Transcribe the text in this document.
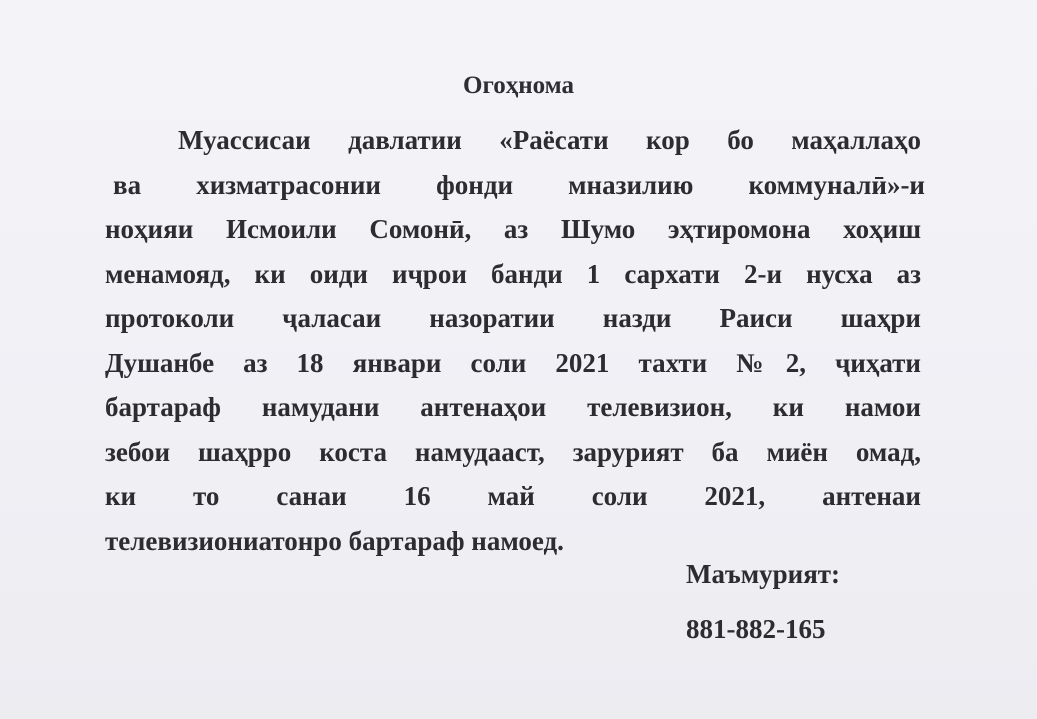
Огоҳнома
Муассисаи давлатии «Раёсати кор бо маҳаллаҳо
ва хизматрасонии фонди мназилию коммуналӣ»-и
ноҳияи Исмоили Сомонӣ, аз Шумо эҳтиромона хоҳиш
менамояд, ки оиди иҷрои банди 1 сархати 2-и нусха аз
протоколи ҷаласаи назоратии назди Раиси шаҳри
Душанбе аз 18 январи соли 2021 тахти №2, ҷиҳати
бартараф намудани антенаҳои телевизион, ки намои
зебои шаҳрро коста намудааст, зарурият ба миён омад,
ки то санаи 16 май соли 2021, антенаи
телевизиониатонро бартараф намоед.

Маъмурият:

881-882-165
